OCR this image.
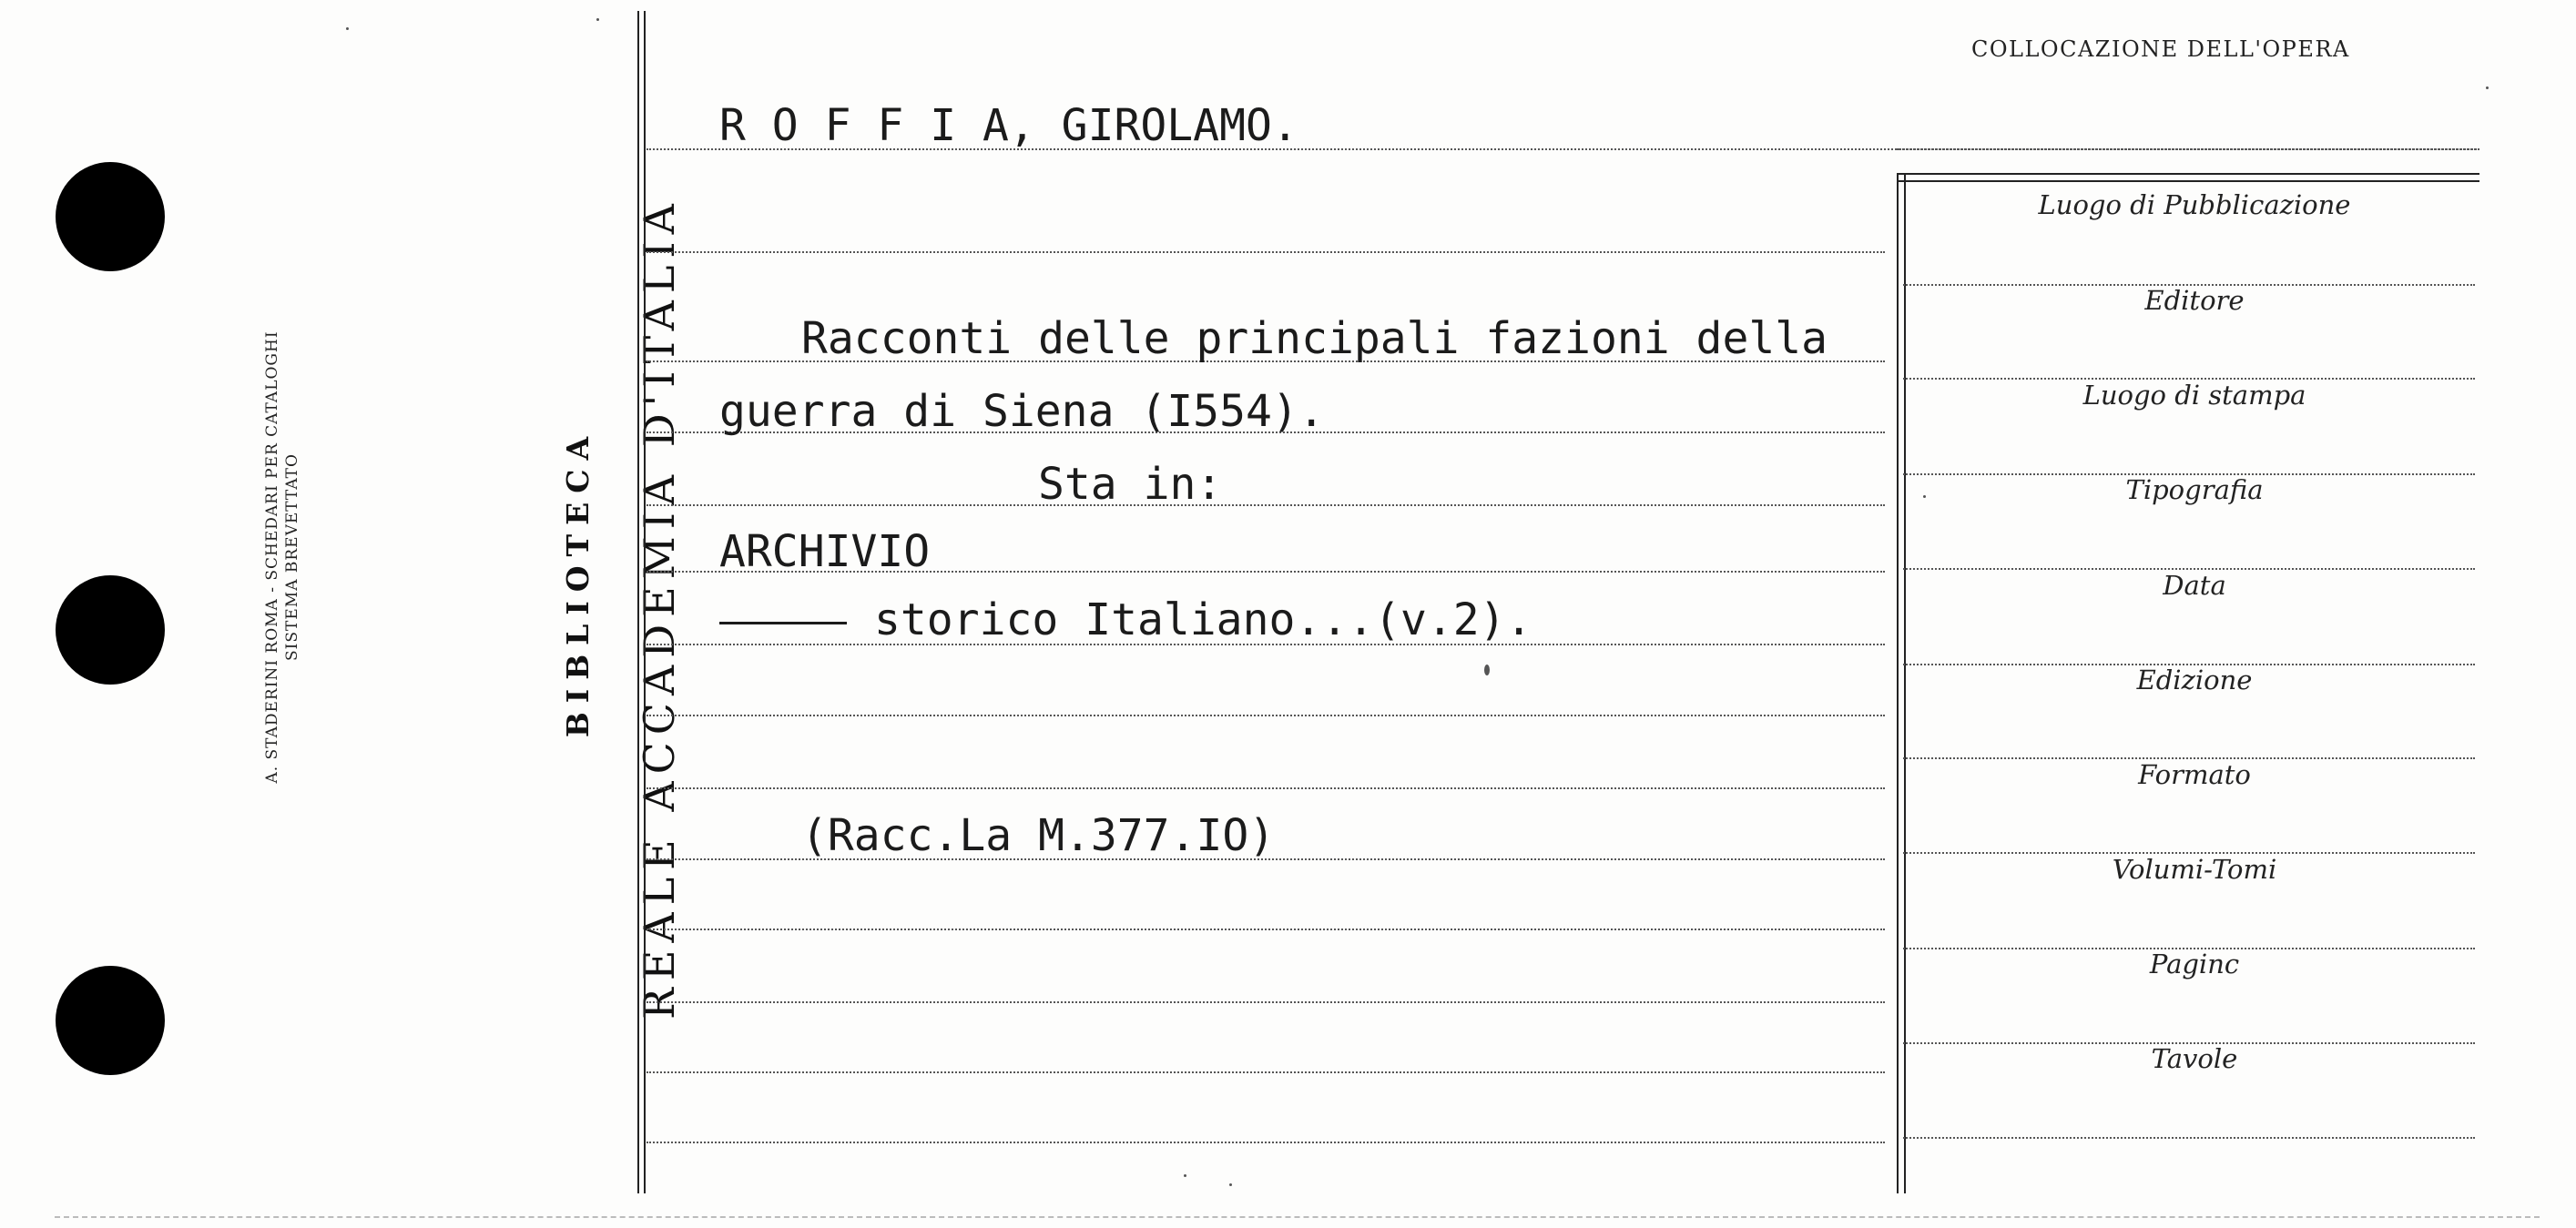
A. STADERINI ROMA - SCHEDARI PER CATALOGHI SISTEMA BREVETTATO	REALE ACCADEMIA D'ITALIA
BIBLIOTECA
COLLOCAZIONE DELL'OPERA
Luogo di Pubblicazione
Editore
Luogo di stampa
Tipografia
Data
Edizione
Formato
Volumi-Tomi
Paginc
Tavole
R O F F I A, GIROLAMO.
Racconti delle principali fazioni della
guerra di Siena (I554).
Sta in:
ARCHIVIO
storico Italiano...(v.2).
(Racc.La M.377.IO)
